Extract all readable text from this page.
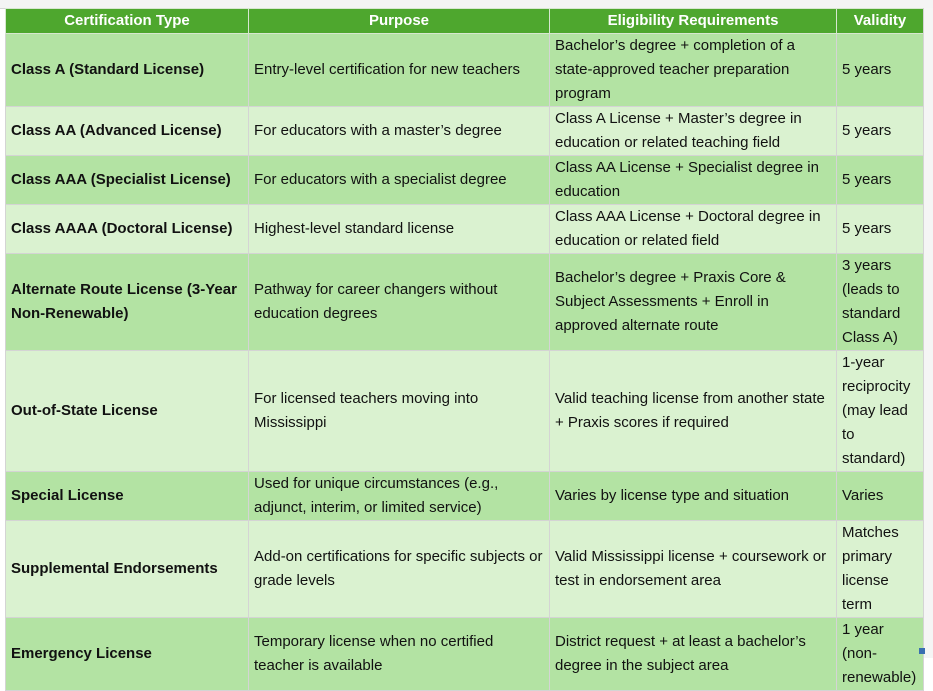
Certification Type	Purpose	Eligibility Requirements	Validity
Class A (Standard License)	Entry-level certification for new teachers	Bachelor’s degree + completion of a state-approved teacher preparation program	5 years
Class AA (Advanced License)	For educators with a master’s degree	Class A License + Master’s degree in education or related teaching field	5 years
Class AAA (Specialist License)	For educators with a specialist degree	Class AA License + Specialist degree in education	5 years
Class AAAA (Doctoral License)	Highest-level standard license	Class AAA License + Doctoral degree in education or related field	5 years
Alternate Route License (3-Year Non-Renewable)	Pathway for career changers without education degrees	Bachelor’s degree + Praxis Core & Subject Assessments + Enroll in approved alternate route	3 years (leads to standard Class A)
Out-of-State License	For licensed teachers moving into Mississippi	Valid teaching license from another state + Praxis scores if required	1-year reciprocity (may lead to standard)
Special License	Used for unique circumstances (e.g., adjunct, interim, or limited service)	Varies by license type and situation	Varies
Supplemental Endorsements	Add-on certifications for specific subjects or grade levels	Valid Mississippi license + coursework or test in endorsement area	Matches primary license term
Emergency License	Temporary license when no certified teacher is available	District request + at least a bachelor’s degree in the subject area	1 year (non-renewable)
